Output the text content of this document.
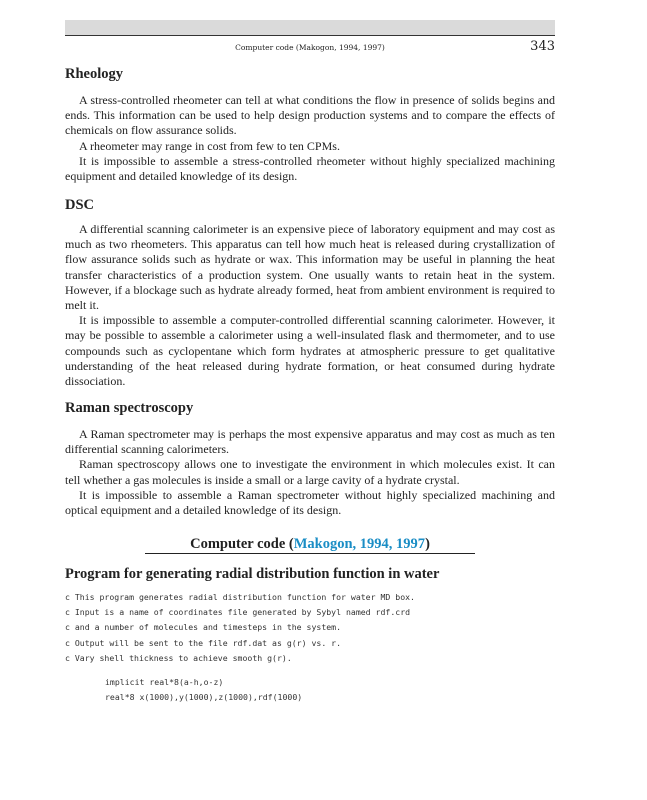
Computer code (Makogon, 1994, 1997)	343
Rheology

A stress-controlled rheometer can tell at what conditions the flow in presence of solids begins and ends. This information can be used to help design production systems and to compare the effects of chemicals on flow assurance solids.

A rheometer may range in cost from few to ten CPMs.

It is impossible to assemble a stress-controlled rheometer without highly specialized machining equipment and detailed knowledge of its design.

DSC

A differential scanning calorimeter is an expensive piece of laboratory equipment and may cost as much as two rheometers. This apparatus can tell how much heat is released during crystallization of flow assurance solids such as hydrate or wax. This information may be useful in planning the heat transfer characteristics of a production system. One usually wants to retain heat in the system. However, if a blockage such as hydrate already formed, heat from ambient environment is required to melt it.

It is impossible to assemble a computer-controlled differential scanning calorimeter. However, it may be possible to assemble a calorimeter using a well-insulated flask and thermometer, and to use compounds such as cyclopentane which form hydrates at atmospheric pressure to get qualitative understanding of the heat released during hydrate formation, or heat consumed during hydrate dissociation.

Raman spectroscopy

A Raman spectrometer may is perhaps the most expensive apparatus and may cost as much as ten differential scanning calorimeters.

Raman spectroscopy allows one to investigate the environment in which molecules exist. It can tell whether a gas molecules is inside a small or a large cavity of a hydrate crystal.

It is impossible to assemble a Raman spectrometer without highly specialized machining and optical equipment and a detailed knowledge of its design.

Computer code (Makogon, 1994, 1997)
Program for generating radial distribution function in water
c This program generates radial distribution function for water MD box.
c Input is a name of coordinates file generated by Sybyl named rdf.crd
c and a number of molecules and timesteps in the system.
c Output will be sent to the file rdf.dat as g(r) vs. r.
c Vary shell thickness to achieve smooth g(r).
implicit real*8(a-h,o-z)
real*8 x(1000),y(1000),z(1000),rdf(1000)
